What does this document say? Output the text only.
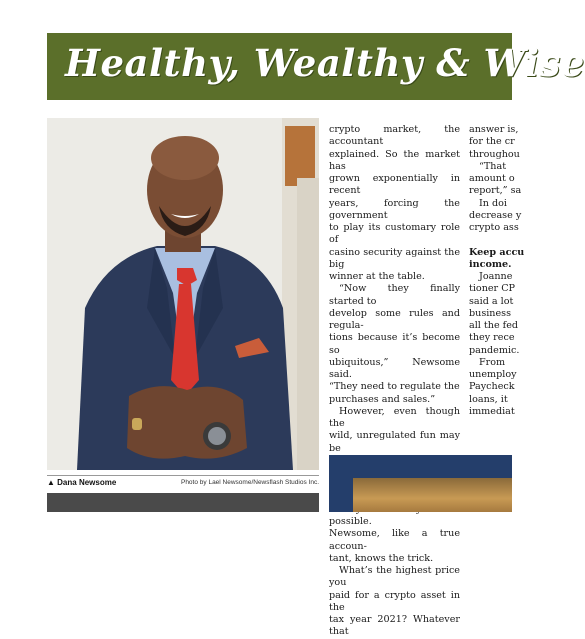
Healthy, Wealthy & Wise
▲ Dana Newsome	Photo by Lael Newsome/Newsflash Studios Inc.
crypto market, the accountant
explained. So the market has
grown exponentially in recent
years, forcing the government
to play its customary role of
casino security against the big
winner at the table.
“Now they finally started to
develop some rules and regula-
tions because it’s become so
ubiquitous,” Newsome said.
“They need to regulate the
purchases and sales.”
However, even though the
wild, unregulated fun may be
possible.
Newsome, like a true accoun-
tant, knows the trick.
What’s the highest price you
paid for a crypto asset in the
tax year 2021? Whatever that
answer is,
for the cr
throughou
“That
amount o
report,” sa
In doi
decrease y
crypto ass
Keep accu
income.
Joanne
tioner CP
said a lot
business
all the fed
they rece
pandemic.
From
unemploy
Paycheck
loans, it
immediat
